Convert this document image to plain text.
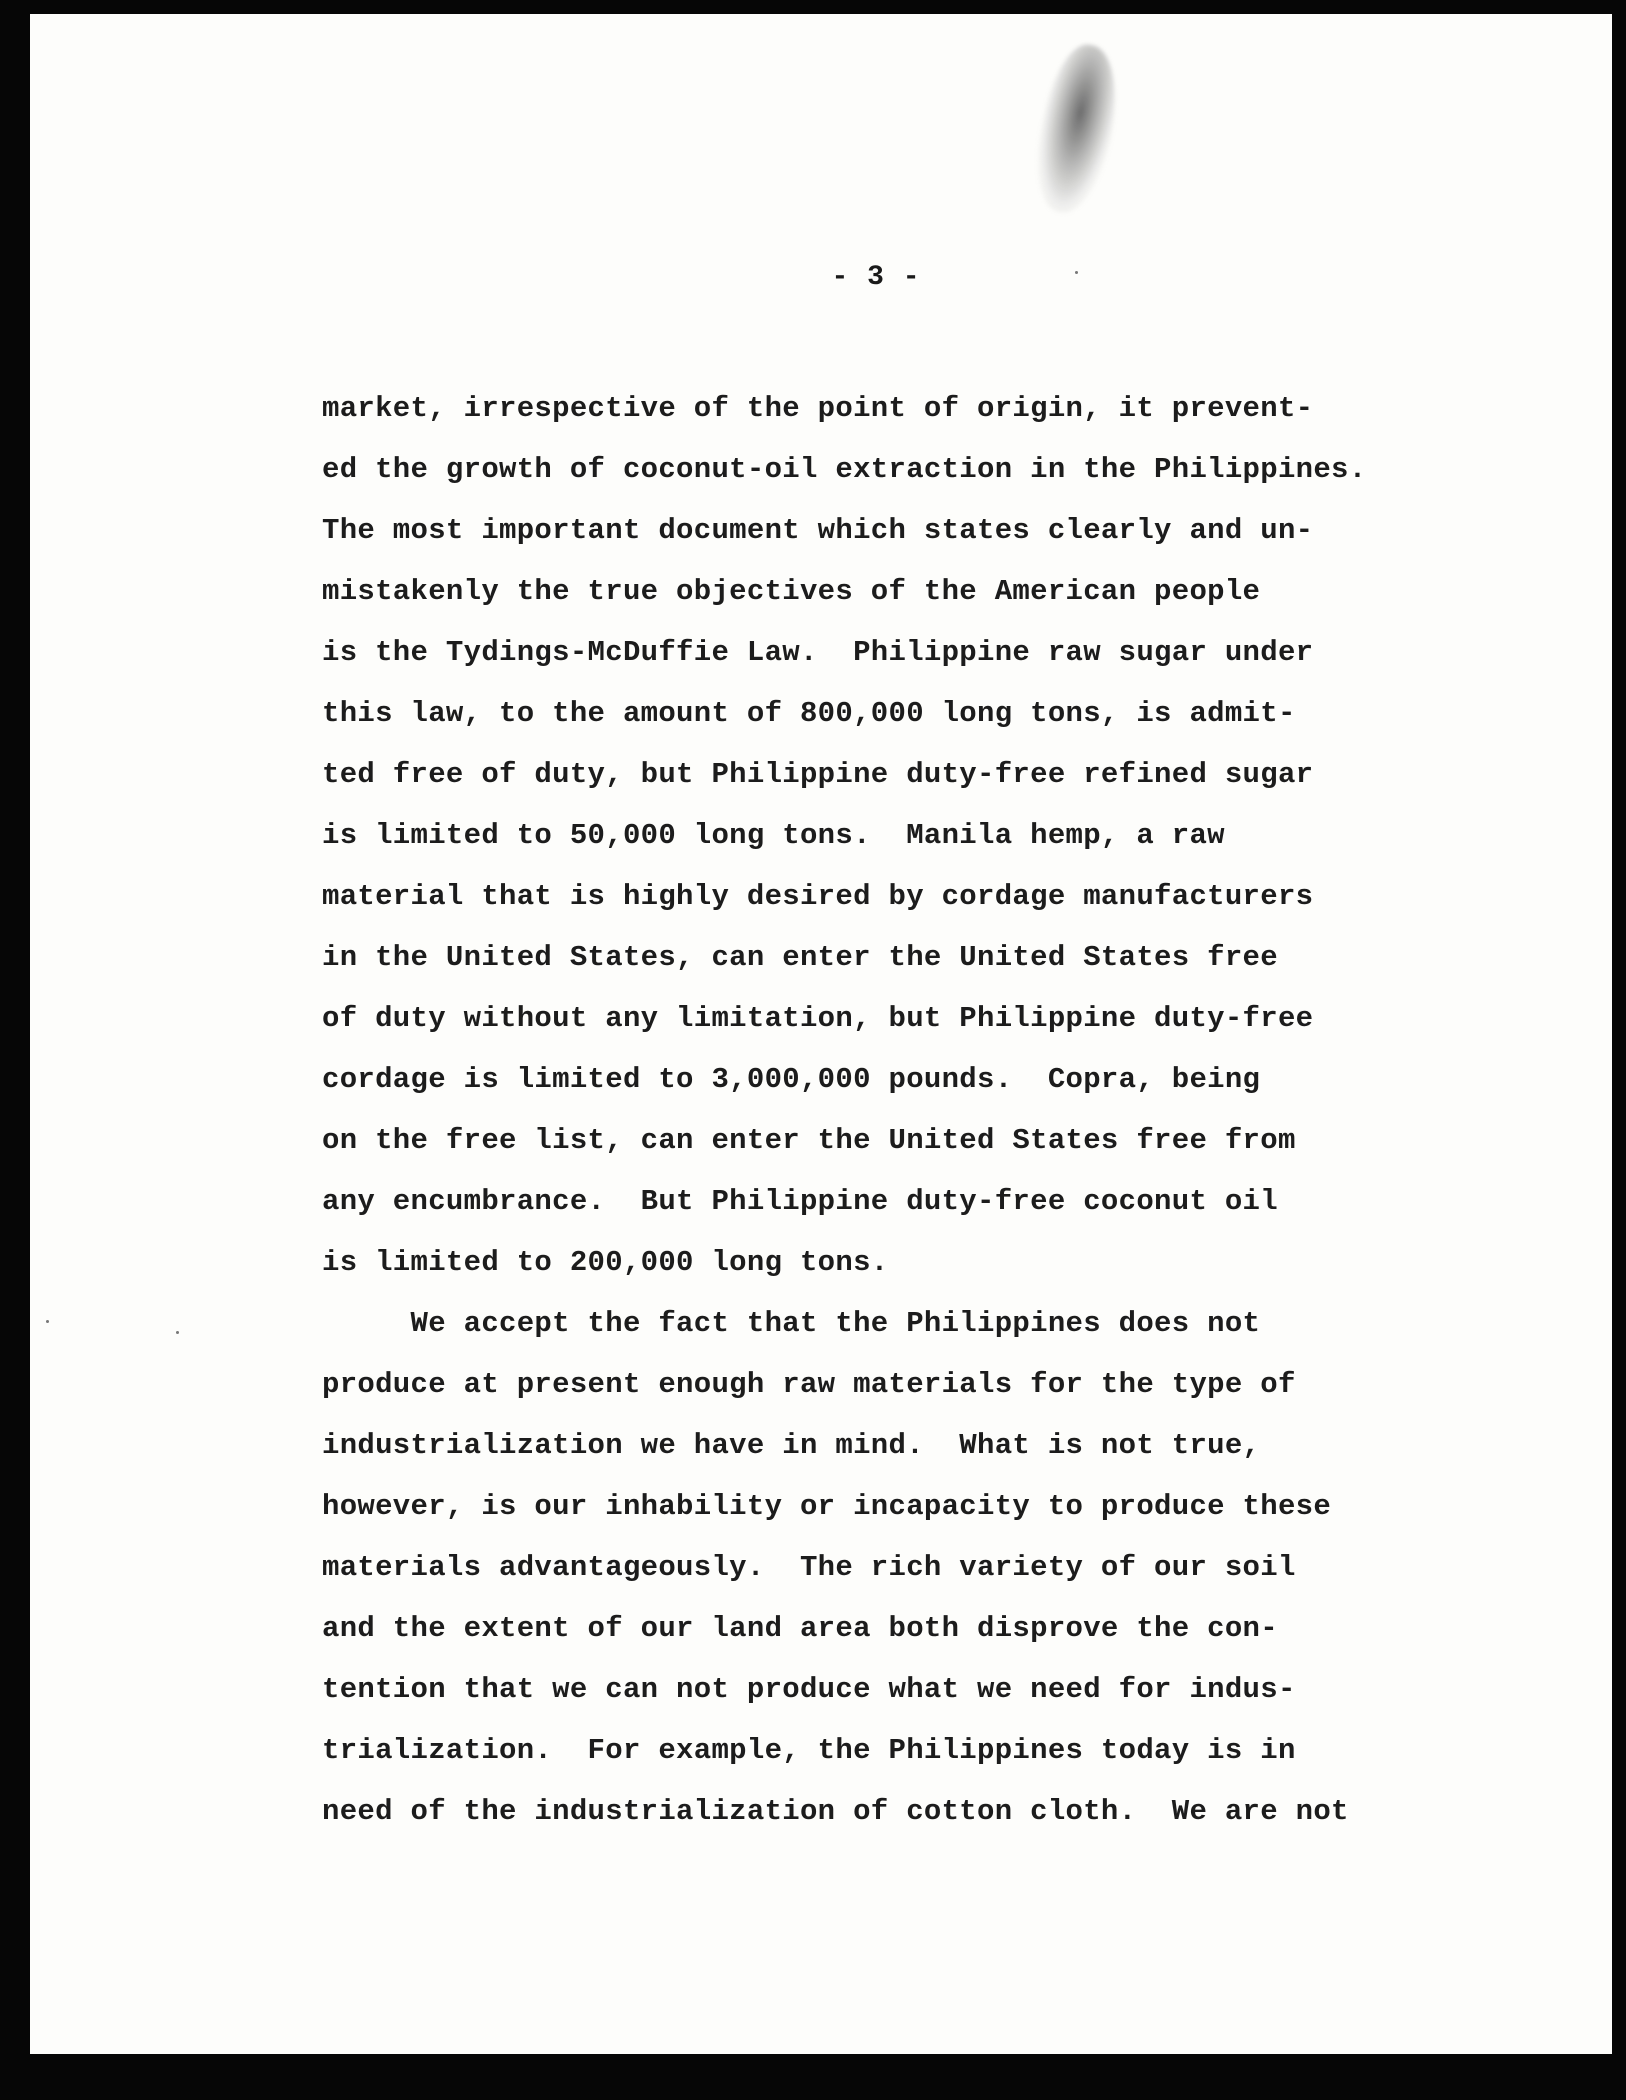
- 3 -
market, irrespective of the point of origin, it prevent-
ed the growth of coconut-oil extraction in the Philippines.
The most important document which states clearly and un-
mistakenly the true objectives of the American people
is the Tydings-McDuffie Law.  Philippine raw sugar under
this law, to the amount of 800,000 long tons, is admit-
ted free of duty, but Philippine duty-free refined sugar
is limited to 50,000 long tons.  Manila hemp, a raw
material that is highly desired by cordage manufacturers
in the United States, can enter the United States free
of duty without any limitation, but Philippine duty-free
cordage is limited to 3,000,000 pounds.  Copra, being
on the free list, can enter the United States free from
any encumbrance.  But Philippine duty-free coconut oil
is limited to 200,000 long tons.
We accept the fact that the Philippines does not
produce at present enough raw materials for the type of
industrialization we have in mind.  What is not true,
however, is our inhability or incapacity to produce these
materials advantageously.  The rich variety of our soil
and the extent of our land area both disprove the con-
tention that we can not produce what we need for indus-
trialization.  For example, the Philippines today is in
need of the industrialization of cotton cloth.  We are not
